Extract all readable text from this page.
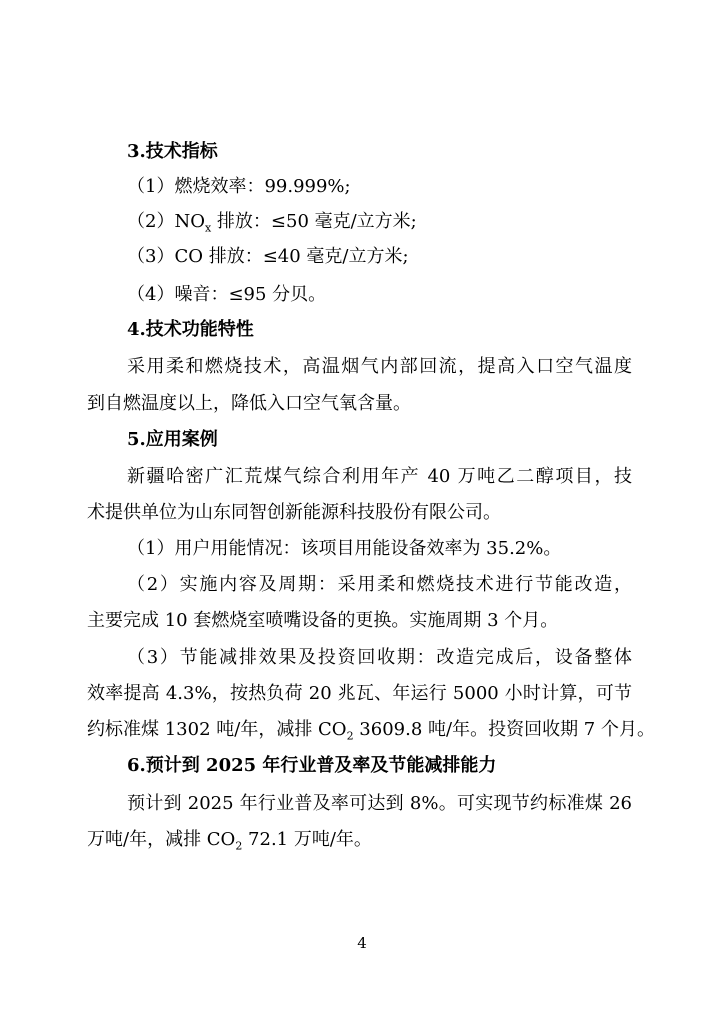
3.技术指标

（1）燃烧效率：99.999%;

$(2)NO_x$ 排放：≤50 毫克/立方米;

（3）CO 排放：≤40 毫克/立方米;

（4）噪音：≤95 分贝。

4.技术功能特性

采用柔和燃烧技术，高温烟气内部回流，提高入口空气温度

到自燃温度以上，降低入口空气氧含量。

5.应用案例

新疆哈密广汇荒煤气综合利用年产 40 万吨乙二醇项目，技

术提供单位为山东同智创新能源科技股份有限公司。

（1）用户用能情况：该项目用能设备效率为 35.2%。

（2）实施内容及周期：采用柔和燃烧技术进行节能改造，

主要完成 10 套燃烧室喷嘴设备的更换。实施周期 3 个月。

（3）节能减排效果及投资回收期：改造完成后，设备整体

效率提高 4.3%，按热负荷 20 兆瓦、年运行 5000 小时计算，可节

约标准煤 1302 吨/年，减排 $CO_2$ 3609.8 吨/年。投资回收期 7 个月。

6.预计到 2025 年行业普及率及节能减排能力

预计到 2025 年行业普及率可达到 8%。可实现节约标准煤 26

万吨/年，减排 $CO_2$ 72.1 万吨/年。

4
